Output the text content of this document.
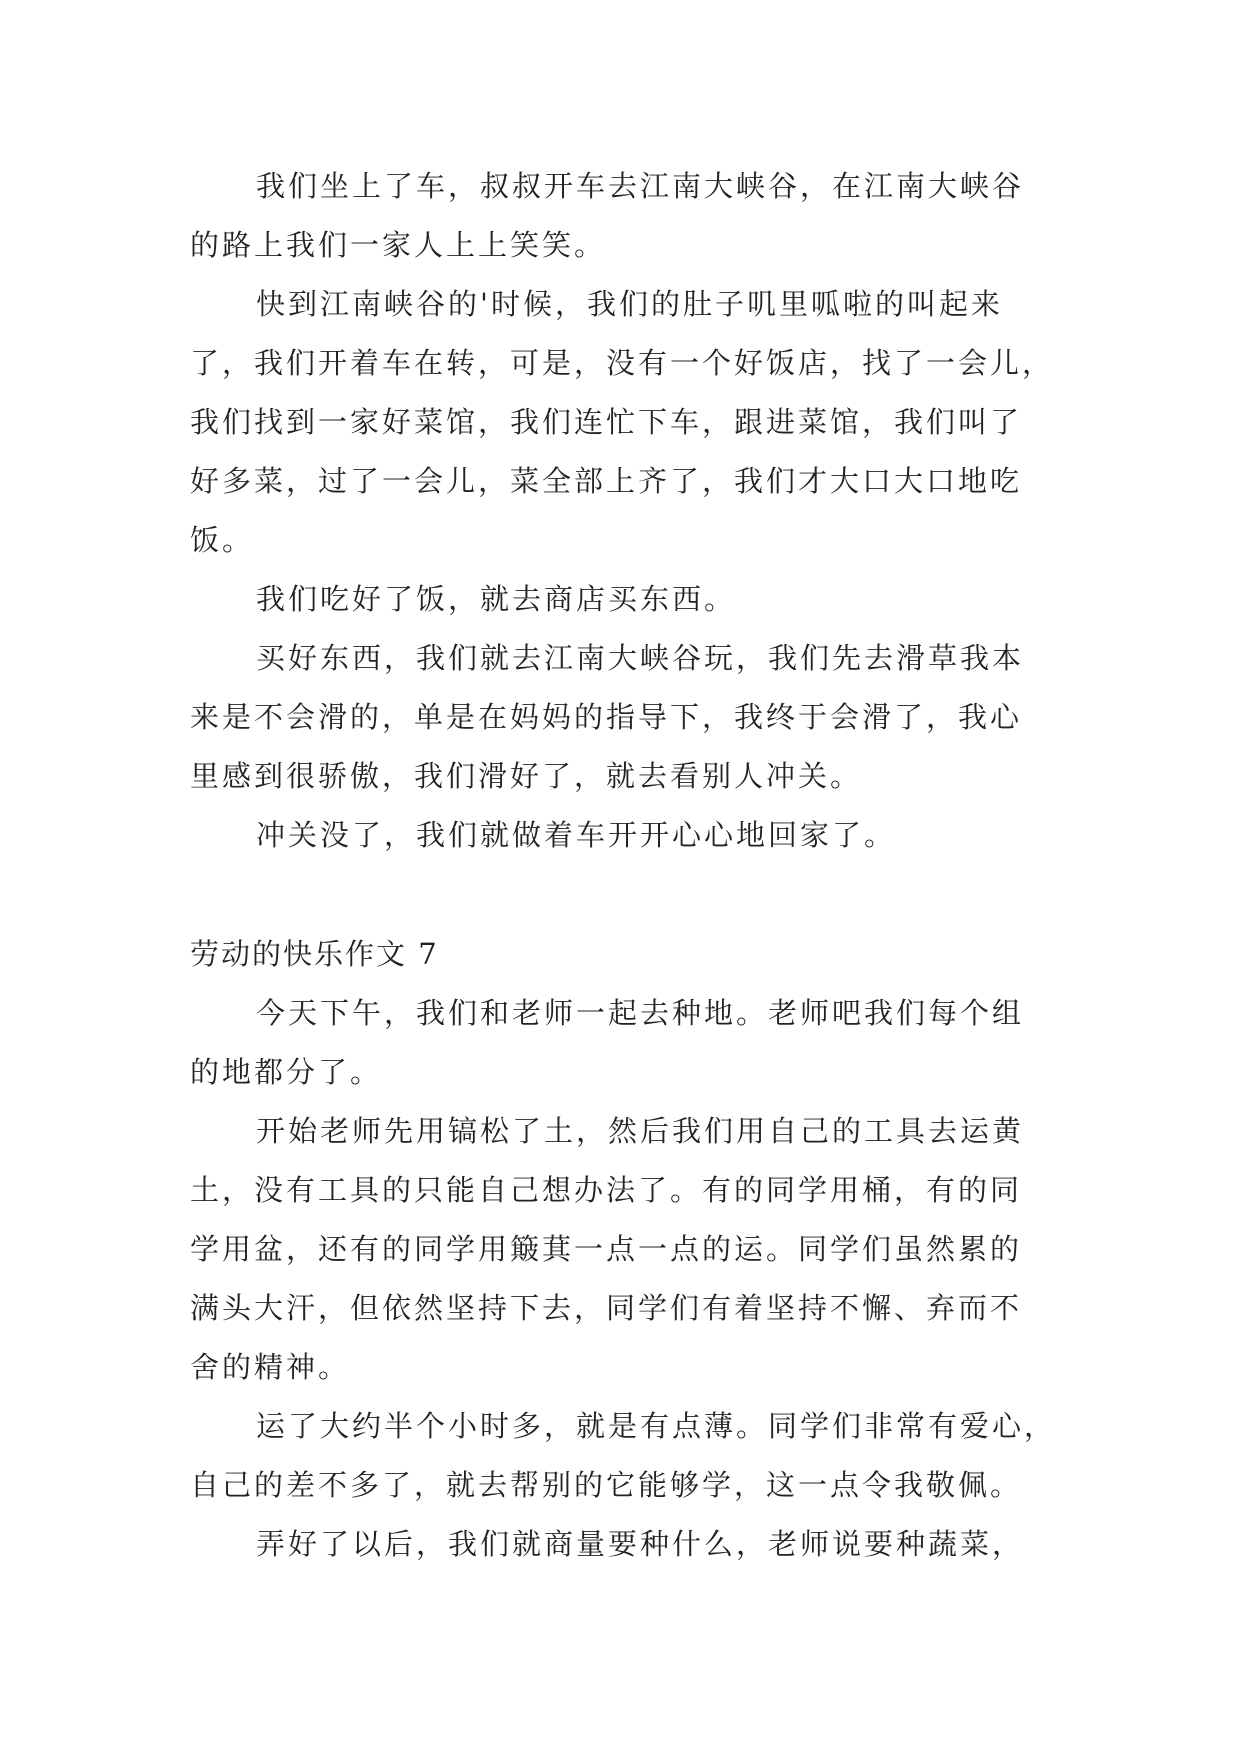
我们坐上了车，叔叔开车去江南大峡谷，在江南大峡谷
的路上我们一家人上上笑笑。
快到江南峡谷的'时候，我们的肚子叽里呱啦的叫起来
了，我们开着车在转，可是，没有一个好饭店，找了一会儿，
我们找到一家好菜馆，我们连忙下车，跟进菜馆，我们叫了
好多菜，过了一会儿，菜全部上齐了，我们才大口大口地吃
饭。
我们吃好了饭，就去商店买东西。
买好东西，我们就去江南大峡谷玩，我们先去滑草我本
来是不会滑的，单是在妈妈的指导下，我终于会滑了，我心
里感到很骄傲，我们滑好了，就去看别人冲关。
冲关没了，我们就做着车开开心心地回家了。
劳动的快乐作文 7
今天下午，我们和老师一起去种地。老师吧我们每个组
的地都分了。
开始老师先用镐松了土，然后我们用自己的工具去运黄
土，没有工具的只能自己想办法了。有的同学用桶，有的同
学用盆，还有的同学用簸萁一点一点的运。同学们虽然累的
满头大汗，但依然坚持下去，同学们有着坚持不懈、弃而不
舍的精神。
运了大约半个小时多，就是有点薄。同学们非常有爱心，
自己的差不多了，就去帮别的它能够学，这一点令我敬佩。
弄好了以后，我们就商量要种什么，老师说要种蔬菜，
